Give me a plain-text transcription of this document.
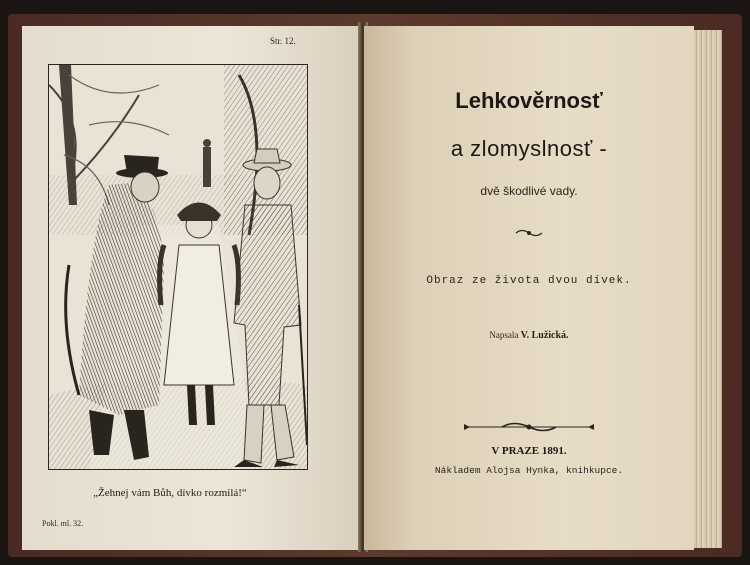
Str. 12.
„Žehnej vám Bůh, dívko rozmilá!“
Pokl. ml. 32.
Lehkověrnosť
a zlomyslnosť -
dvě škodlivé vady.
Obraz ze života dvou dívek.
Napsala V. Lužická.
V PRAZE 1891.
Nákladem Alojsa Hynka, knihkupce.
